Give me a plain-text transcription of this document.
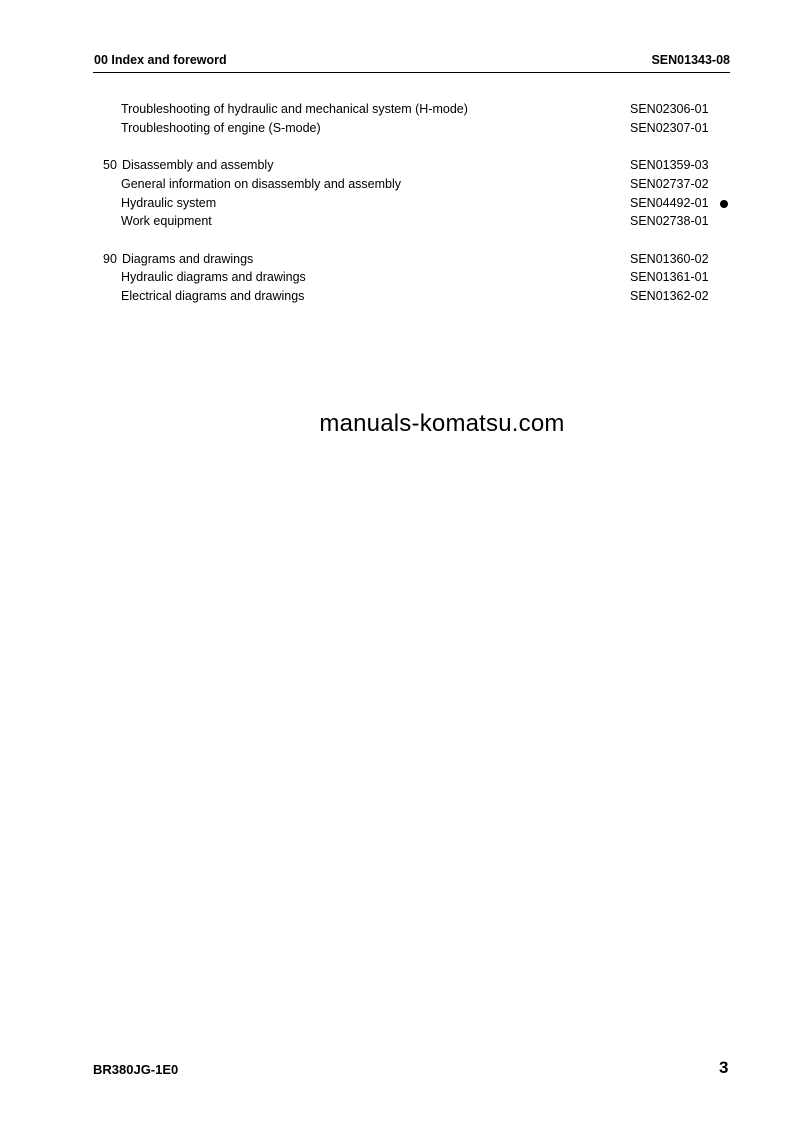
00 Index and foreword	SEN01343-08
Troubleshooting of hydraulic and mechanical system (H-mode)	SEN02306-01
Troubleshooting of engine (S-mode)	SEN02307-01
50 Disassembly and assembly	SEN01359-03
General information on disassembly and assembly	SEN02737-02
Hydraulic system	SEN04492-01
Work equipment	SEN02738-01
90 Diagrams and drawings	SEN01360-02
Hydraulic diagrams and drawings	SEN01361-01
Electrical diagrams and drawings	SEN01362-02
manuals-komatsu.com
BR380JG-1E0	3
